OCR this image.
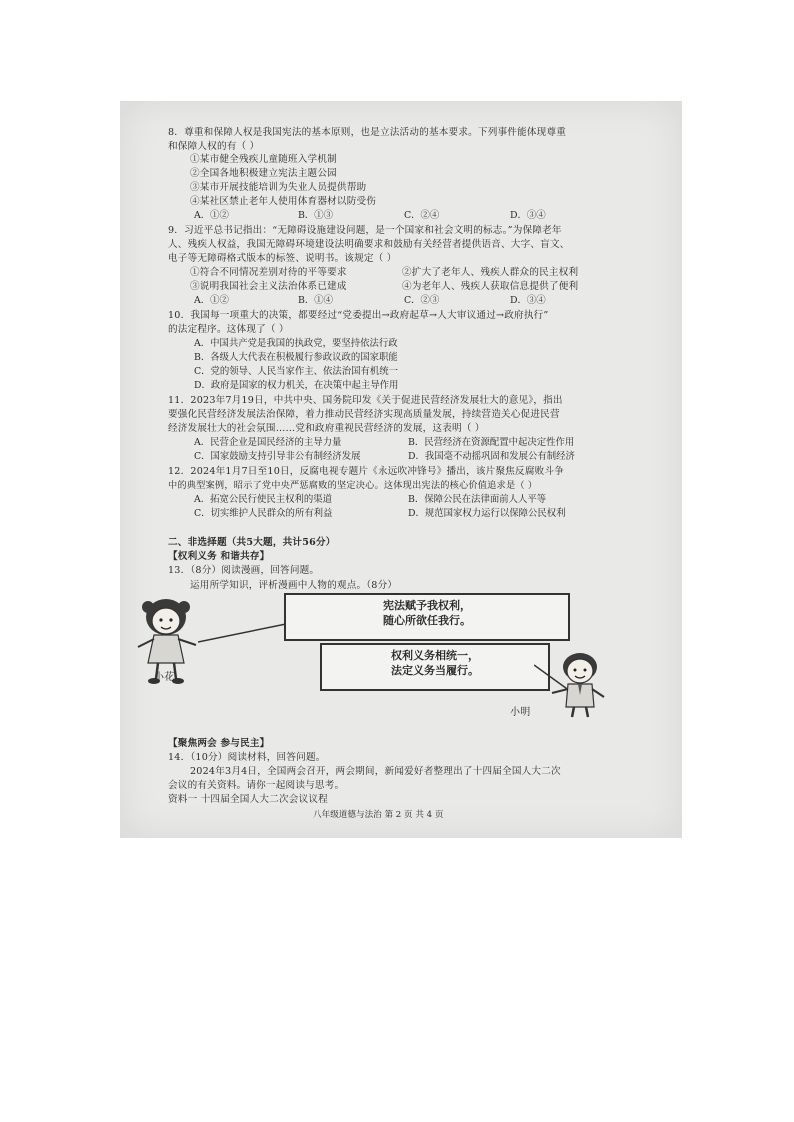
8．尊重和保障人权是我国宪法的基本原则，也是立法活动的基本要求。下列事件能体现尊重
和保障人权的有（ ）
①某市健全残疾儿童随班入学机制
②全国各地积极建立宪法主题公园
③某市开展技能培训为失业人员提供帮助
④某社区禁止老年人使用体育器材以防受伤
A．①②	B．①③	C．②④	D．③④
9．习近平总书记指出：“无障碍设施建设问题，是一个国家和社会文明的标志。”为保障老年
人、残疾人权益，我国无障碍环境建设法明确要求和鼓励有关经营者提供语音、大字、盲文、
电子等无障碍格式版本的标签、说明书。该规定（ ）
①符合不同情况差别对待的平等要求	②扩大了老年人、残疾人群众的民主权利
③说明我国社会主义法治体系已建成	④为老年人、残疾人获取信息提供了便利
A．①②	B．①④	C．②③	D．③④
10．我国每一项重大的决策，都要经过“党委提出→政府起草→人大审议通过→政府执行”
的法定程序。这体现了（ ）
A．中国共产党是我国的执政党，要坚持依法行政
B．各级人大代表在积极履行参政议政的国家职能
C．党的领导、人民当家作主、依法治国有机统一
D．政府是国家的权力机关，在决策中起主导作用
11．2023年7月19日，中共中央、国务院印发《关于促进民营经济发展壮大的意见》，指出
要强化民营经济发展法治保障，着力推动民营经济实现高质量发展，持续营造关心促进民营
经济发展壮大的社会氛围……党和政府重视民营经济的发展，这表明（ ）
A．民营企业是国民经济的主导力量	B．民营经济在资源配置中起决定性作用
C．国家鼓励支持引导非公有制经济发展	D．我国毫不动摇巩固和发展公有制经济
12．2024年1月7日至10日，反腐电视专题片《永远吹冲锋号》播出，该片聚焦反腐败斗争
中的典型案例，昭示了党中央严惩腐败的坚定决心。这体现出宪法的核心价值追求是（ ）
A．拓宽公民行使民主权利的渠道	B．保障公民在法律面前人人平等
C．切实维护人民群众的所有利益	D．规范国家权力运行以保障公民权利
二、非选择题（共5大题，共计56分）
【权利义务 和谐共存】
13．（8分）阅读漫画，回答问题。
运用所学知识，评析漫画中人物的观点。（8分）
小花
宪法赋予我权利，
随心所欲任我行。
权利义务相统一，
法定义务当履行。
小明
【聚焦两会 参与民主】
14．（10分）阅读材料，回答问题。
2024年3月4日，全国两会召开，两会期间，新闻爱好者整理出了十四届全国人大二次
会议的有关资料。请你一起阅读与思考。
资料一 十四届全国人大二次会议议程
八年级道德与法治 第 2 页 共 4 页
